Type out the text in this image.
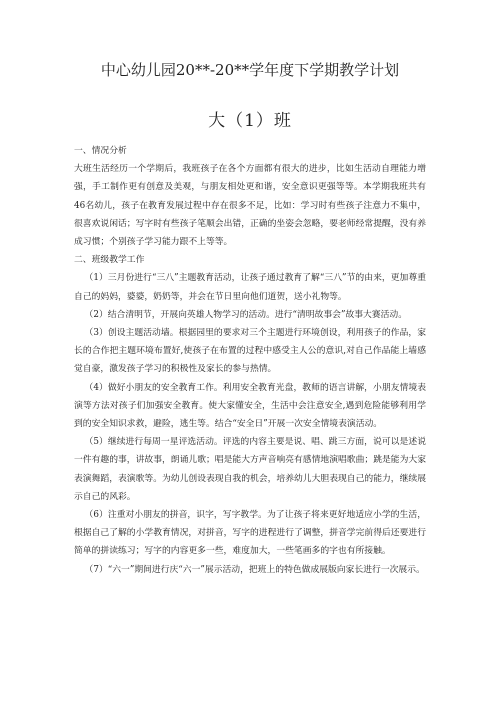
中心幼儿园20**-20**学年度下学期教学计划
大（1）班

一、情况分析

大班生活经历一个学期后，我班孩子在各个方面都有很大的进步，比如生活动自理能力增强，手工制作更有创意及美观，与朋友相处更和谐，安全意识更强等等。本学期我班共有46名幼儿，孩子在教育发展过程中存在很多不足，比如：学习时有些孩子注意力不集中，很喜欢说闲话；写字时有些孩子笔顺会出错，正确的坐姿会忽略，要老师经常提醒，没有养成习惯；个别孩子学习能力跟不上等等。

二、班级教学工作

（1）三月份进行“三八”主题教育活动，让孩子通过教育了解“三八”节的由来，更加尊重自己的妈妈，婆婆，奶奶等，并会在节日里向他们道贺，送小礼物等。

（2）结合清明节，开展向英雄人物学习的活动。进行“清明故事会”故事大赛活动。

（3）创设主题活动墙。根据园里的要求对三个主题进行环境创设，利用孩子的作品，家长的合作把主题环境布置好,使孩子在布置的过程中感受主人公的意识,对自己作品能上墙感觉自豪，激发孩子学习的积极性及家长的参与热情。

（4）做好小朋友的安全教育工作。利用安全教育光盘，教师的语言讲解，小朋友情境表演等方法对孩子们加强安全教育。使大家懂安全，生活中会注意安全,遇到危险能够利用学到的安全知识求救，避险，逃生等。结合“安全日”开展一次安全情境表演活动。

（5）继续进行每周一星评选活动。评选的内容主要是说、唱、跳三方面，说可以是述说一件有趣的事，讲故事，朗诵儿歌；唱是能大方声音响亮有感情地演唱歌曲；跳是能为大家表演舞蹈，表演歌等。为幼儿创设表现自我的机会，培养幼儿大胆表现自己的能力，继续展示自己的风彩。

（6）注重对小朋友的拼音，识字，写字教学。为了让孩子将来更好地适应小学的生活，根据自己了解的小学教育情况，对拼音，写字的进程进行了调整，拼音学完前得后还要进行简单的拼读练习；写字的内容更多一些，难度加大，一些笔画多的字也有所接触。

（7）“六一”期间进行庆“六一”展示活动，把班上的特色做成展版向家长进行一次展示。
